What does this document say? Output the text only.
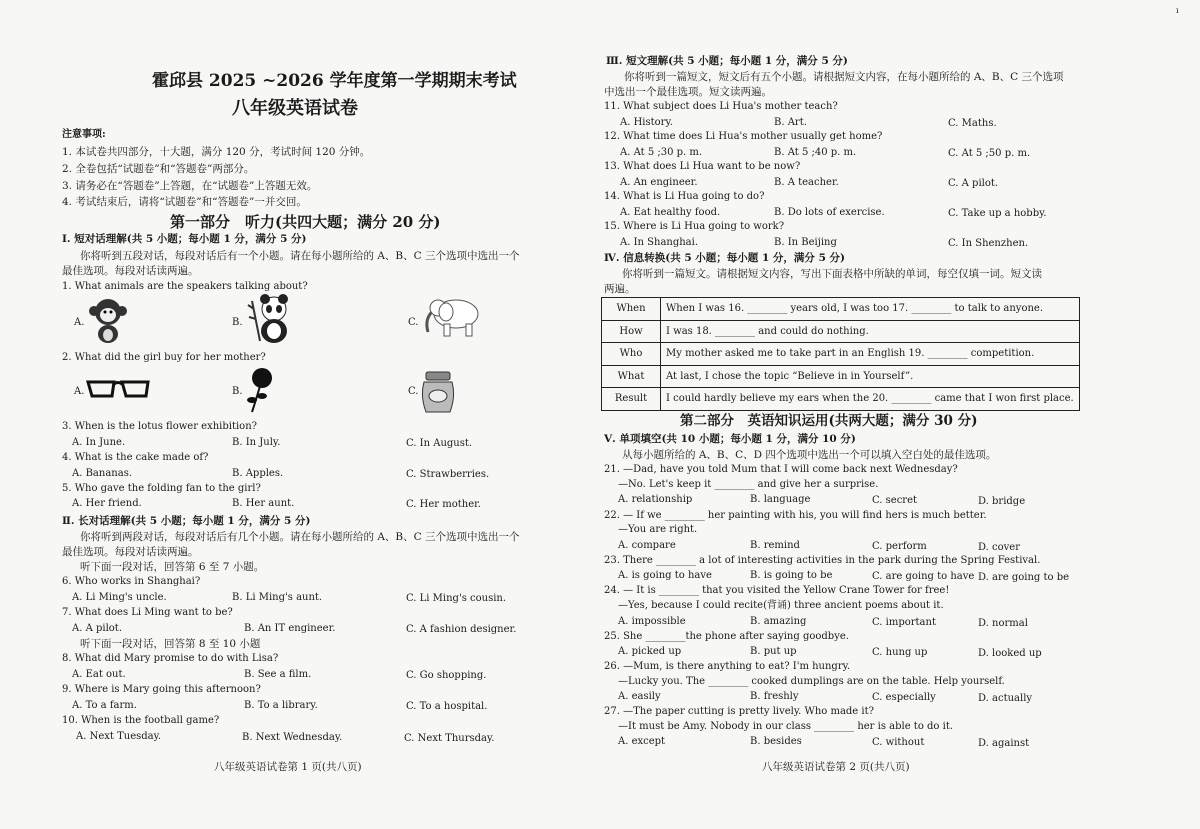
霍邱县 2025 ~2026 学年度第一学期期末考试
八年级英语试卷
注意事项:
1. 本试卷共四部分，十大题，满分 120 分，考试时间 120 分钟。
2. 全卷包括“试题卷”和“答题卷”两部分。
3. 请务必在“答题卷”上答题，在“试题卷”上答题无效。
4. 考试结束后，请将“试题卷”和“答题卷”一并交回。
第一部分　听力(共四大题；满分 20 分)
Ⅰ. 短对话理解(共 5 小题；每小题 1 分，满分 5 分)
你将听到五段对话，每段对话后有一个小题。请在每小题所给的 A、B、C 三个选项中选出一个
最佳选项。每段对话读两遍。
1. What animals are the speakers talking about?
A.	B.	C.
2. What did the girl buy for her mother?
A.	B.	C.
3. When is the lotus flower exhibition?
A. In June.	B. In July.	C. In August.
4. What is the cake made of?
A. Bananas.	B. Apples.	C. Strawberries.
5. Who gave the folding fan to the girl?
A. Her friend.	B. Her aunt.	C. Her mother.
Ⅱ. 长对话理解(共 5 小题；每小题 1 分，满分 5 分)
你将听到两段对话，每段对话后有几个小题。请在每小题所给的 A、B、C 三个选项中选出一个
最佳选项。每段对话读两遍。
听下面一段对话，回答第 6 至 7 小题。
6. Who works in Shanghai?
A. Li Ming's uncle.	B. Li Ming's aunt.	C. Li Ming's cousin.
7. What does Li Ming want to be?
A. A pilot.	B. An IT engineer.	C. A fashion designer.
听下面一段对话，回答第 8 至 10 小题
8. What did Mary promise to do with Lisa?
A. Eat out.	B. See a film.	C. Go shopping.
9. Where is Mary going this afternoon?
A. To a farm.	B. To a library.	C. To a hospital.
10. When is the football game?
A. Next Tuesday.	B. Next Wednesday.	C. Next Thursday.
八年级英语试卷第 1 页(共八页)
Ⅲ. 短文理解(共 5 小题；每小题 1 分，满分 5 分)
你将听到一篇短文，短文后有五个小题。请根据短文内容，在每小题所给的 A、B、C 三个选项
中选出一个最佳选项。短文读两遍。
11. What subject does Li Hua's mother teach?
A. History.	B. Art.	C. Maths.
12. What time does Li Hua's mother usually get home?
A. At 5 ;30 p. m.	B. At 5 ;40 p. m.	C. At 5 ;50 p. m.
13. What does Li Hua want to be now?
A. An engineer.	B. A teacher.	C. A pilot.
14. What is Li Hua going to do?
A. Eat healthy food.	B. Do lots of exercise.	C. Take up a hobby.
15. Where is Li Hua going to work?
A. In Shanghai.	B. In Beijing	C. In Shenzhen.
Ⅳ. 信息转换(共 5 小题；每小题 1 分，满分 5 分)
你将听到一篇短文。请根据短文内容，写出下面表格中所缺的单词，每空仅填一词。短文读
两遍。
When	When I was 16. ________ years old, I was too 17. ________ to talk to anyone.
How	I was 18. ________ and could do nothing.
Who	My mother asked me to take part in an English 19. ________ competition.
What	At last, I chose the topic “Believe in in Yourself”.
Result	I could hardly believe my ears when the 20. ________ came that I won first place.
第二部分　英语知识运用(共两大题；满分 30 分)
Ⅴ. 单项填空(共 10 小题；每小题 1 分，满分 10 分)
从每小题所给的 A、B、C、D 四个选项中选出一个可以填入空白处的最佳选项。
21. —Dad, have you told Mum that I will come back next Wednesday?
—No. Let's keep it ________ and give her a surprise.
A. relationship	B. language	C. secret	D. bridge
22. — If we ________ her painting with his, you will find hers is much better.
—You are right.
A. compare	B. remind	C. perform	D. cover
23. There ________ a lot of interesting activities in the park during the Spring Festival.
A. is going to have	B. is going to be	C. are going to have D. are going to be
24. — It is ________ that you visited the Yellow Crane Tower for free!
—Yes, because I could recite(背诵) three ancient poems about it.
A. impossible	B. amazing	C. important	D. normal
25. She ________the phone after saying goodbye.
A. picked up	B. put up	C. hung up	D. looked up
26. —Mum, is there anything to eat? I'm hungry.
—Lucky you. The ________ cooked dumplings are on the table. Help yourself.
A. easily	B. freshly	C. especially	D. actually
27. —The paper cutting is pretty lively. Who made it?
—It must be Amy. Nobody in our class ________ her is able to do it.
A. except	B. besides	C. without	D. against
八年级英语试卷第 2 页(共八页)
ı
